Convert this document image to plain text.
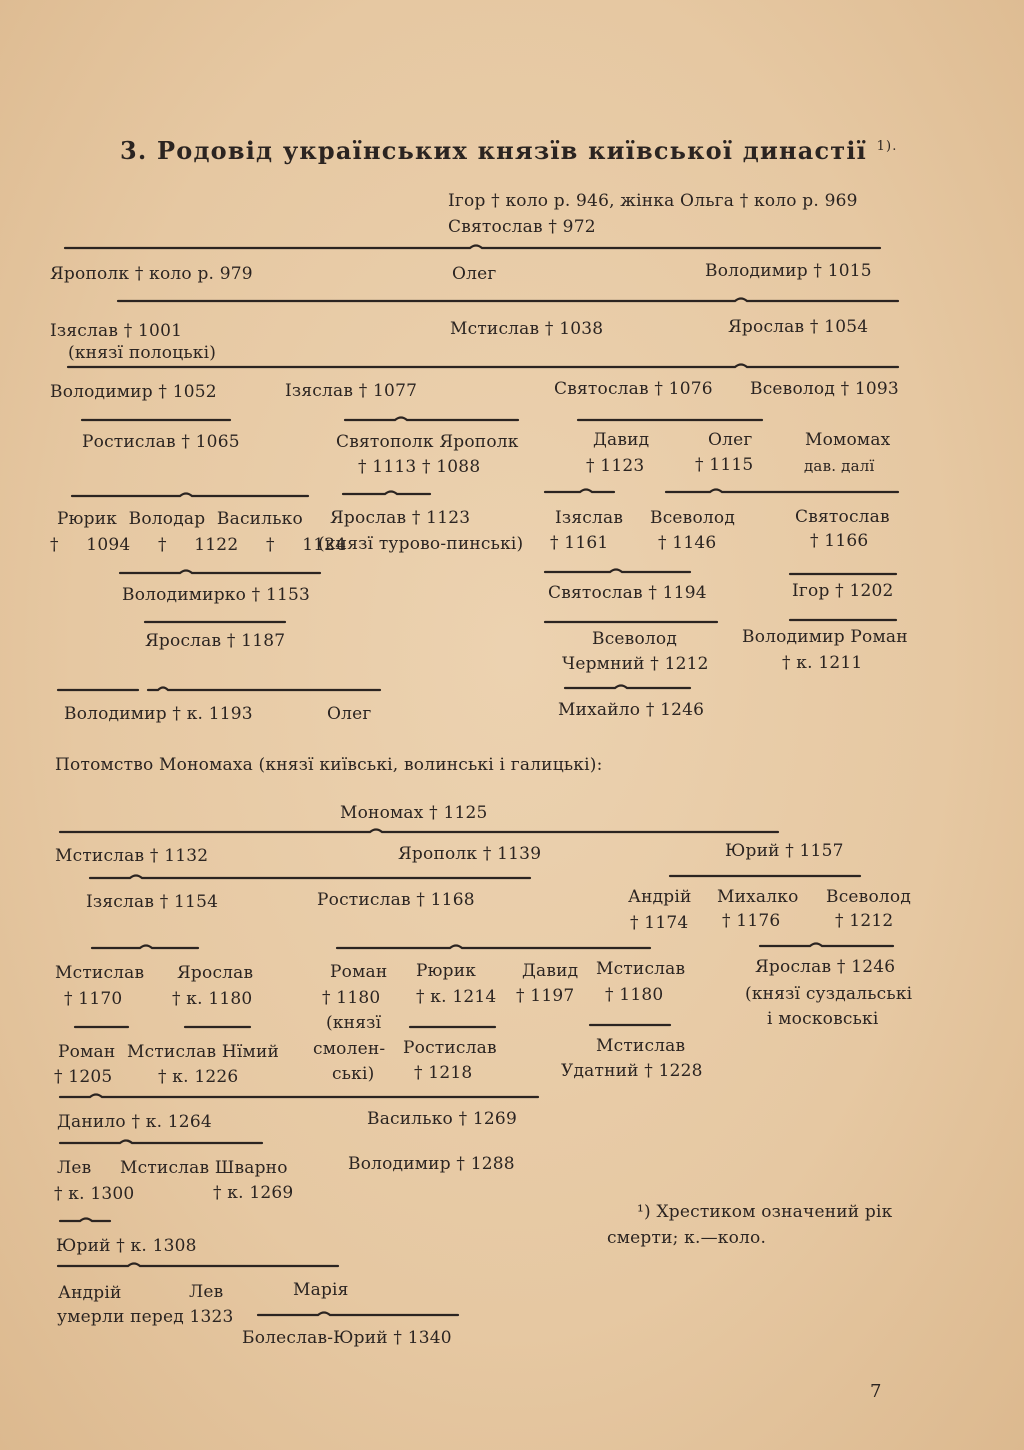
3. Родовід українських князїв київської династії $^{1).}$
Ігор † коло р. 946, жінка Ольга † коло р. 969
Святослав † 972
Ярополк † коло р. 979	Олег	Володимир † 1015
Ізяслав † 1001
(князї полоцькі)
Мстислав † 1038	Ярослав † 1054
Володимир † 1052	Ізяслав † 1077	Святослав † 1076 Всеволод † 1093
Ростислав † 1065	Святополк Ярополк
† 1113 † 1088
Давид
† 1123
Олег
† 1115
Момомах
дав. далї
Рюрик Володар Василько
† 1094 † 1122 † 1124
Ярослав † 1123
(князї турово-пинські)
Ізяслав
† 1161
Всеволод
† 1146
Святослав
† 1166
Володимирко † 1153	Святослав † 1194	Ігор † 1202
Ярослав † 1187	Всеволод
Чермний † 1212
Володимир Роман
† к. 1211
Володимир † к. 1193	Олег	Михайло † 1246
Потомство Мономаха (князї київські, волинські і галицькі):
Мономах † 1125
Мстислав † 1132	Ярополк † 1139	Юрий † 1157
Ізяслав † 1154	Ростислав † 1168	Андрій
† 1174
Михалко
† 1176
Всеволод
† 1212
Мстислав
† 1170
Ярослав
† к. 1180
Роман
† 1180
(князї
смолен-
ські)
Рюрик
† к. 1214
Давид
† 1197
Мстислав
† 1180
Ярослав † 1246
(князї суздальські
і московські
Роман
† 1205
Мстислав Нїмий
† к. 1226
Ростислав
† 1218
Мстислав
Удатний † 1228
Данило † к. 1264	Василько † 1269
Лев
† к. 1300
Мстислав Шварно
† к. 1269
Володимир † 1288
Юрий † к. 1308
Андрій	Лев	Марія
умерли перед 1323
Болеслав-Юрий † 1340
¹) Хрестиком означений рік
смерти; к.—коло.
7
